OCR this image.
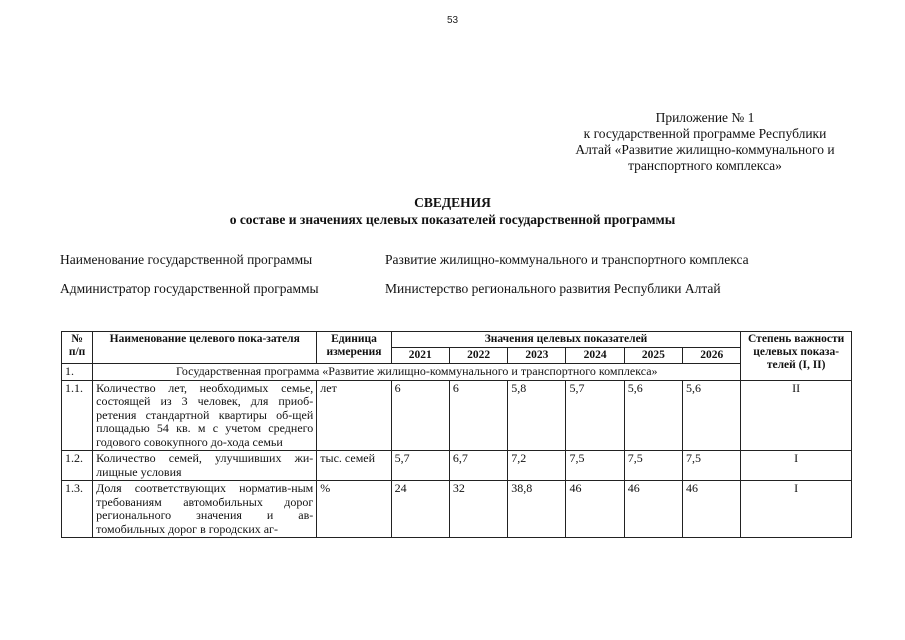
53
Приложение № 1
к государственной программе Республики
Алтай «Развитие жилищно-коммунального и
транспортного комплекса»
СВЕДЕНИЯ
о составе и значениях целевых показателей государственной программы
Наименование государственной программы	Развитие жилищно-коммунального и транспортного комплекса
Администратор государственной программы	Министерство регионального развития Республики Алтай
№ п/п	Наименование целевого пока-зателя	Единица измерения	Значения целевых показателей						Степень важности целевых показа-телей (I, II)
			2021	2022	2023	2024	2025	2026	
1.	Государственная программа «Развитие жилищно-коммунального и транспортного комплекса»								
1.1.	Количество лет, необходимых семье, состоящей из 3 человек, для приоб-ретения стандартной квартиры об-щей площадью 54 кв. м с учетом среднего годового совокупного до-хода семьи	лет	6	6	5,8	5,7	5,6	5,6	II
1.2.	Количество семей, улучшивших жи-лищные условия	тыс. семей	5,7	6,7	7,2	7,5	7,5	7,5	I
1.3.	Доля соответствующих норматив-ным требованиям автомобильных дорог регионального значения и ав-томобильных дорог в городских аг-	%	24	32	38,8	46	46	46	I
